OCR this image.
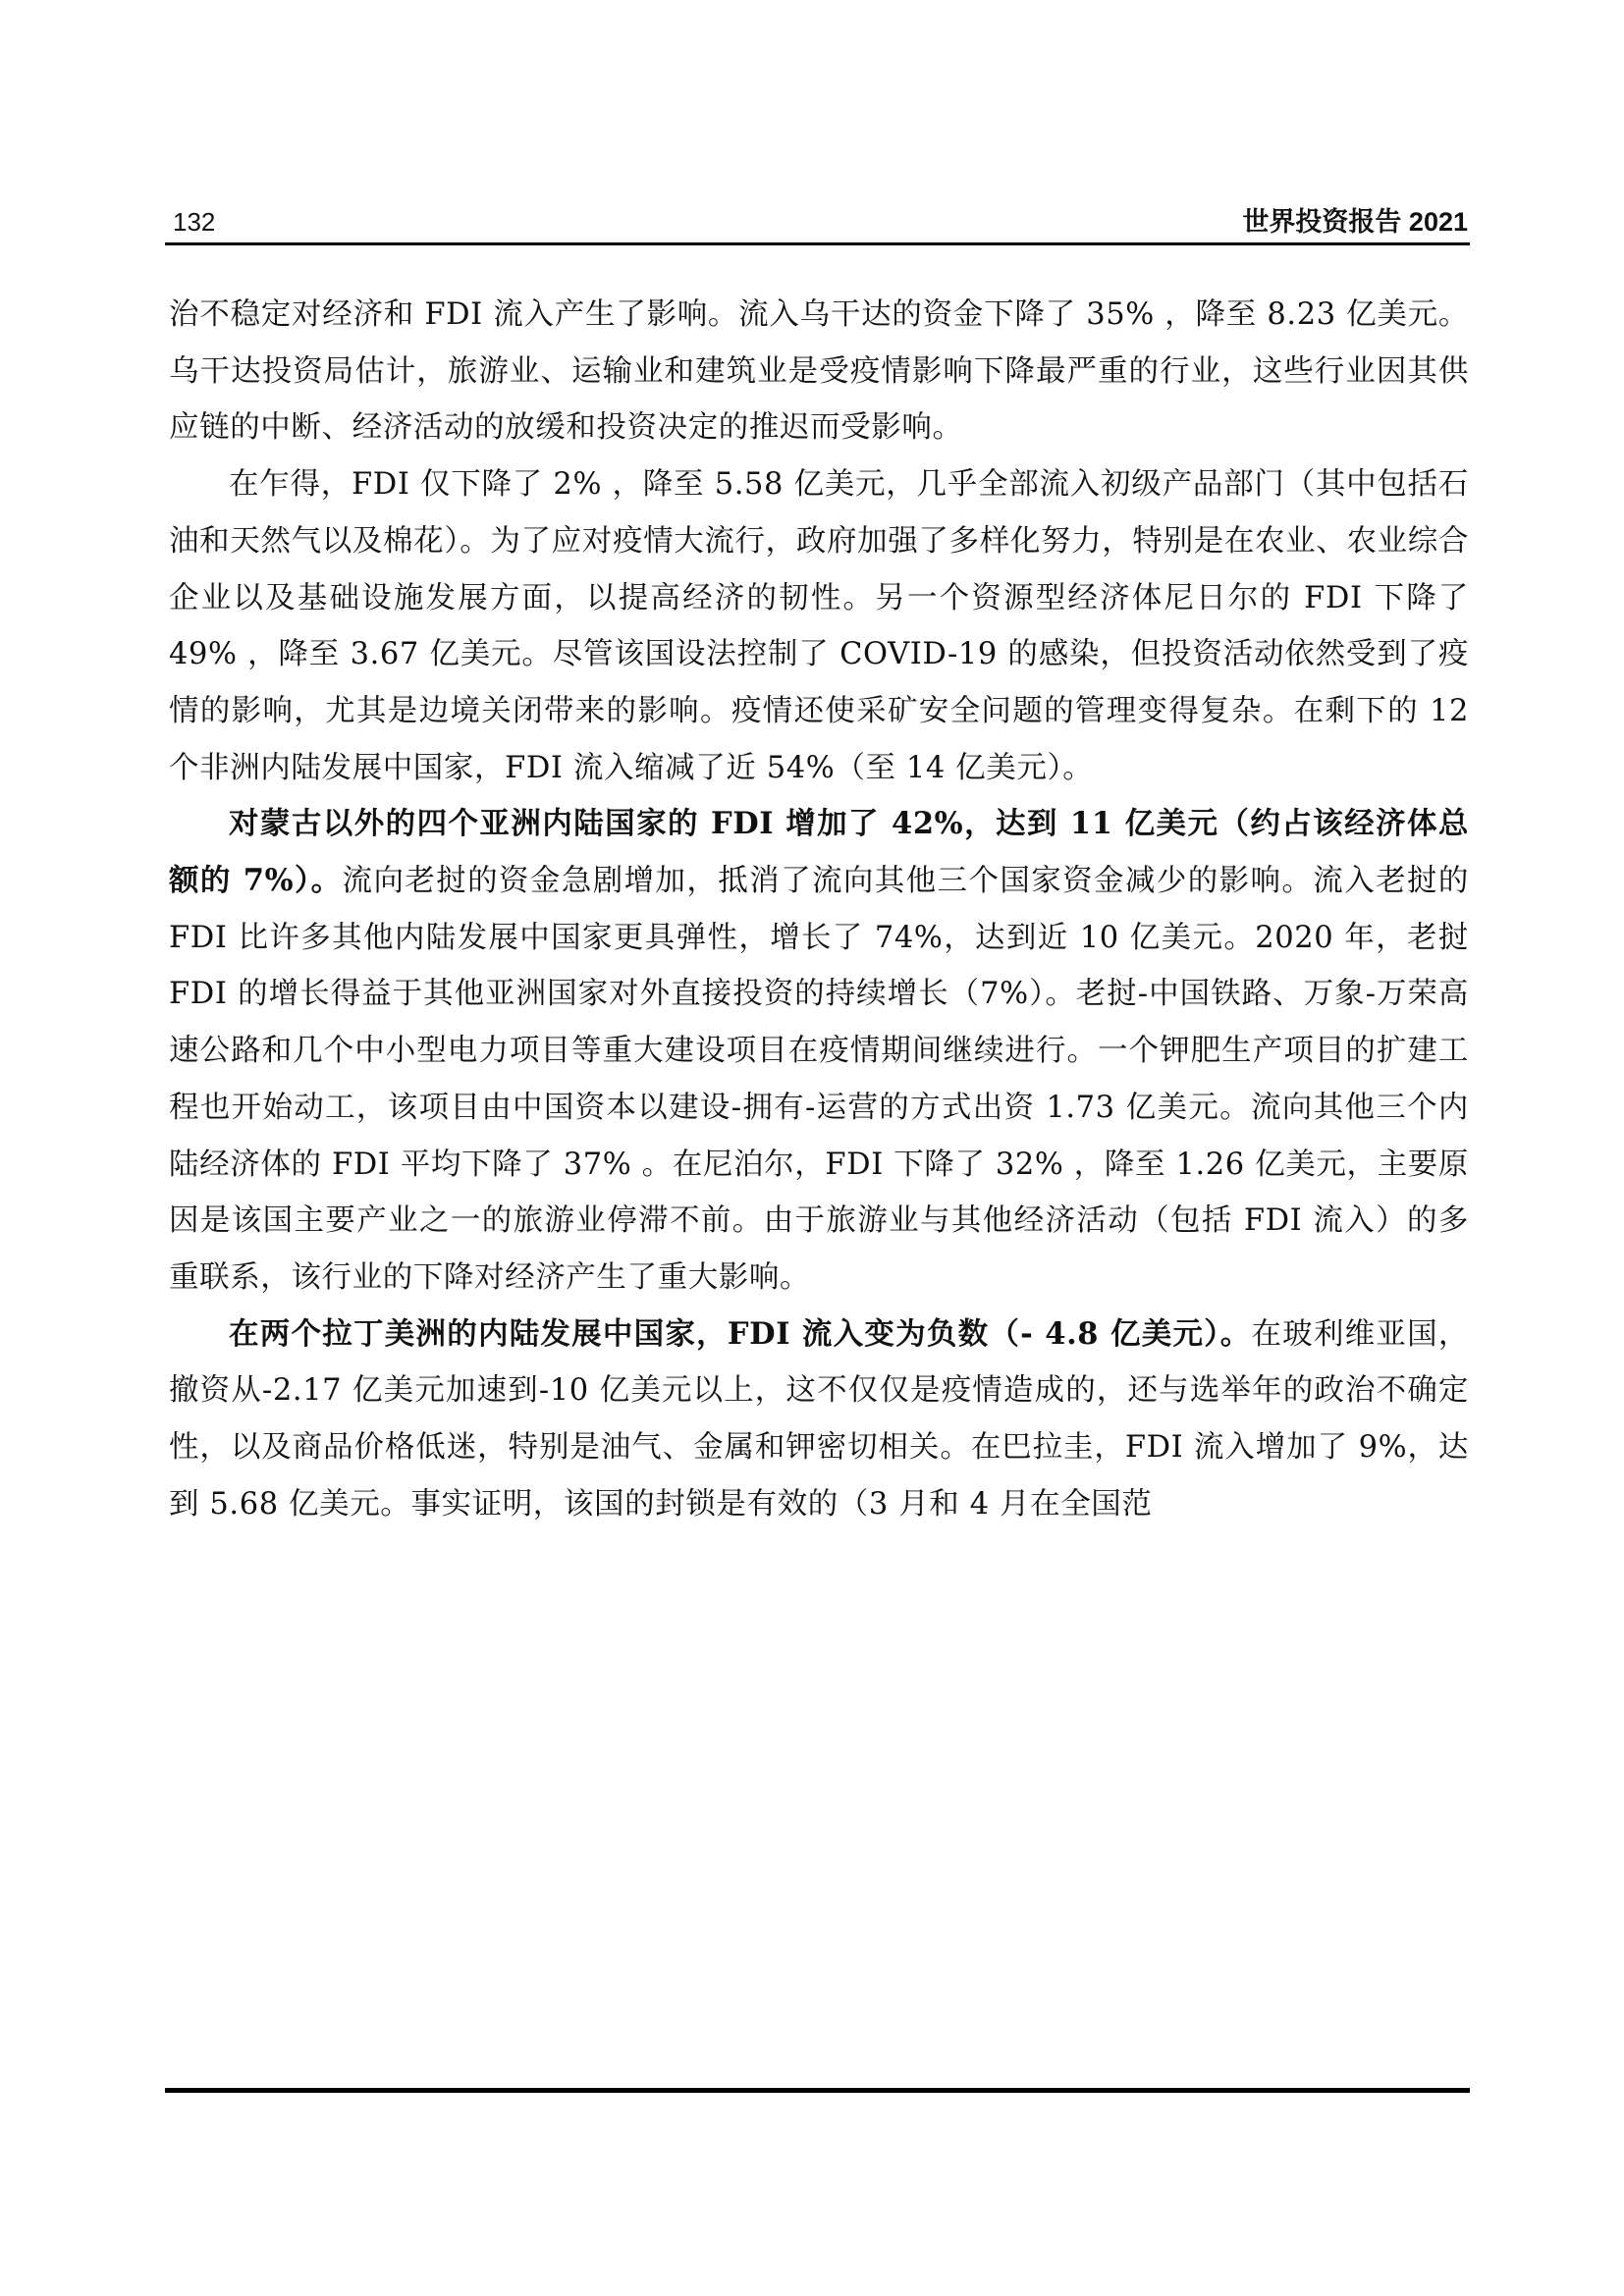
132	世界投资报告 2021

治不稳定对经济和 FDI 流入产生了影响。流入乌干达的资金下降了 35% ，降至 8.23 亿美元。乌干达投资局估计，旅游业、运输业和建筑业是受疫情影响下降最严重的行业，这些行业因其供应链的中断、经济活动的放缓和投资决定的推迟而受影响。

在乍得，FDI 仅下降了 2% ，降至 5.58 亿美元，几乎全部流入初级产品部门（其中包括石油和天然气以及棉花）。为了应对疫情大流行，政府加强了多样化努力，特别是在农业、农业综合企业以及基础设施发展方面，以提高经济的韧性。另一个资源型经济体尼日尔的 FDI 下降了 49% ，降至 3.67 亿美元。尽管该国设法控制了 COVID-19 的感染，但投资活动依然受到了疫情的影响，尤其是边境关闭带来的影响。疫情还使采矿安全问题的管理变得复杂。在剩下的 12 个非洲内陆发展中国家，FDI 流入缩减了近 54%（至 14 亿美元）。

对蒙古以外的四个亚洲内陆国家的 FDI 增加了 42%，达到 11 亿美元（约占该经济体总额的 7%）。流向老挝的资金急剧增加，抵消了流向其他三个国家资金减少的影响。流入老挝的 FDI 比许多其他内陆发展中国家更具弹性，增长了 74%，达到近 10 亿美元。2020 年，老挝 FDI 的增长得益于其他亚洲国家对外直接投资的持续增长（7%）。老挝-中国铁路、万象-万荣高速公路和几个中小型电力项目等重大建设项目在疫情期间继续进行。一个钾肥生产项目的扩建工程也开始动工，该项目由中国资本以建设-拥有-运营的方式出资 1.73 亿美元。流向其他三个内陆经济体的 FDI 平均下降了 37% 。在尼泊尔，FDI 下降了 32% ，降至 1.26 亿美元，主要原因是该国主要产业之一的旅游业停滞不前。由于旅游业与其他经济活动（包括 FDI 流入）的多重联系，该行业的下降对经济产生了重大影响。

在两个拉丁美洲的内陆发展中国家，FDI 流入变为负数（- 4.8 亿美元）。在玻利维亚国，撤资从-2.17 亿美元加速到-10 亿美元以上，这不仅仅是疫情造成的，还与选举年的政治不确定性，以及商品价格低迷，特别是油气、金属和钾密切相关。在巴拉圭，FDI 流入增加了 9%，达到 5.68 亿美元。事实证明，该国的封锁是有效的（3 月和 4 月在全国范
